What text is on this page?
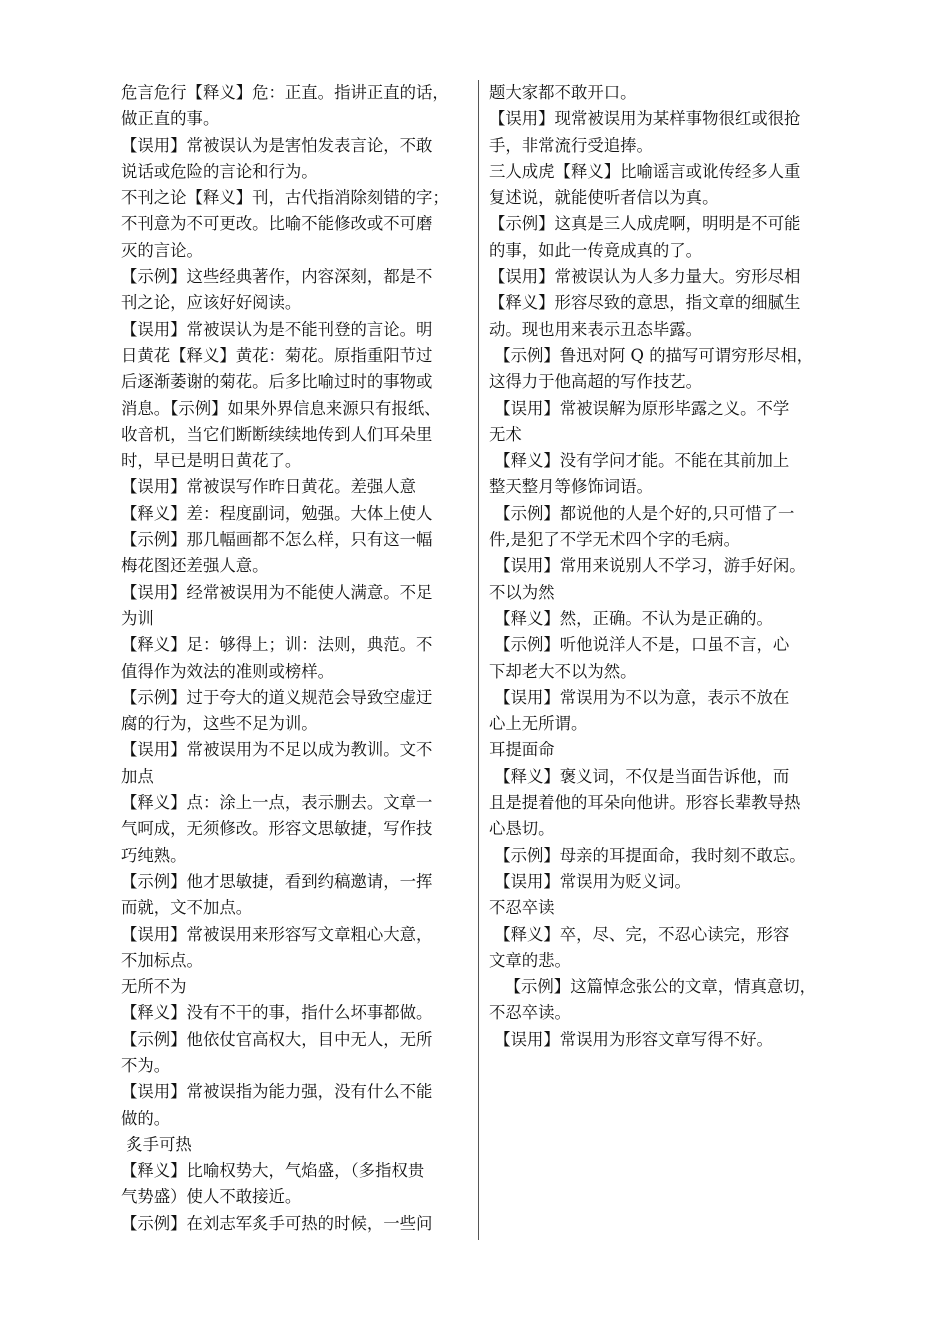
危言危行【释义】危：正直。指讲正直的话，
做正直的事。
【误用】常被误认为是害怕发表言论，不敢
说话或危险的言论和行为。
不刊之论【释义】刊，古代指消除刻错的字；
不刊意为不可更改。比喻不能修改或不可磨
灭的言论。
【示例】这些经典著作，内容深刻，都是不
刊之论，应该好好阅读。
【误用】常被误认为是不能刊登的言论。明
日黄花【释义】黄花：菊花。原指重阳节过
后逐渐萎谢的菊花。后多比喻过时的事物或
消息。【示例】如果外界信息来源只有报纸、
收音机，当它们断断续续地传到人们耳朵里
时，早已是明日黄花了。
【误用】常被误写作昨日黄花。差强人意
【释义】差：程度副词，勉强。大体上使人
【示例】那几幅画都不怎么样，只有这一幅
梅花图还差强人意。
【误用】经常被误用为不能使人满意。不足
为训
【释义】足：够得上；训：法则，典范。不
值得作为效法的准则或榜样。
【示例】过于夸大的道义规范会导致空虚迂
腐的行为，这些不足为训。
【误用】常被误用为不足以成为教训。文不
加点
【释义】点：涂上一点，表示删去。文章一
气呵成，无须修改。形容文思敏捷，写作技
巧纯熟。
【示例】他才思敏捷，看到约稿邀请，一挥
而就，文不加点。
【误用】常被误用来形容写文章粗心大意，
不加标点。
无所不为
【释义】没有不干的事，指什么坏事都做。
【示例】他依仗官高权大，目中无人，无所
不为。
【误用】常被误指为能力强，没有什么不能
做的。
炙手可热
【释义】比喻权势大，气焰盛，（多指权贵
气势盛）使人不敢接近。
【示例】在刘志军炙手可热的时候，一些问
题大家都不敢开口。
【误用】现常被误用为某样事物很红或很抢
手，非常流行受追捧。
三人成虎【释义】比喻谣言或讹传经多人重
复述说，就能使听者信以为真。
【示例】这真是三人成虎啊，明明是不可能
的事，如此一传竟成真的了。
【误用】常被误认为人多力量大。穷形尽相
【释义】形容尽致的意思，指文章的细腻生
动。现也用来表示丑态毕露。
【示例】鲁迅对阿 Q 的描写可谓穷形尽相，
这得力于他高超的写作技艺。
【误用】常被误解为原形毕露之义。不学
无术
【释义】没有学问才能。不能在其前加上
整天整月等修饰词语。
【示例】都说他的人是个好的,只可惜了一
件,是犯了不学无术四个字的毛病。
【误用】常用来说别人不学习，游手好闲。
不以为然
【释义】然，正确。不认为是正确的。
【示例】听他说洋人不是，口虽不言，心
下却老大不以为然。
【误用】常误用为不以为意，表示不放在
心上无所谓。
耳提面命
【释义】褒义词，不仅是当面告诉他，而
且是提着他的耳朵向他讲。形容长辈教导热
心恳切。
【示例】母亲的耳提面命，我时刻不敢忘。
【误用】常误用为贬义词。
不忍卒读
【释义】卒，尽、完，不忍心读完，形容
文章的悲。
【示例】这篇悼念张公的文章，情真意切，
不忍卒读。
【误用】常误用为形容文章写得不好。
